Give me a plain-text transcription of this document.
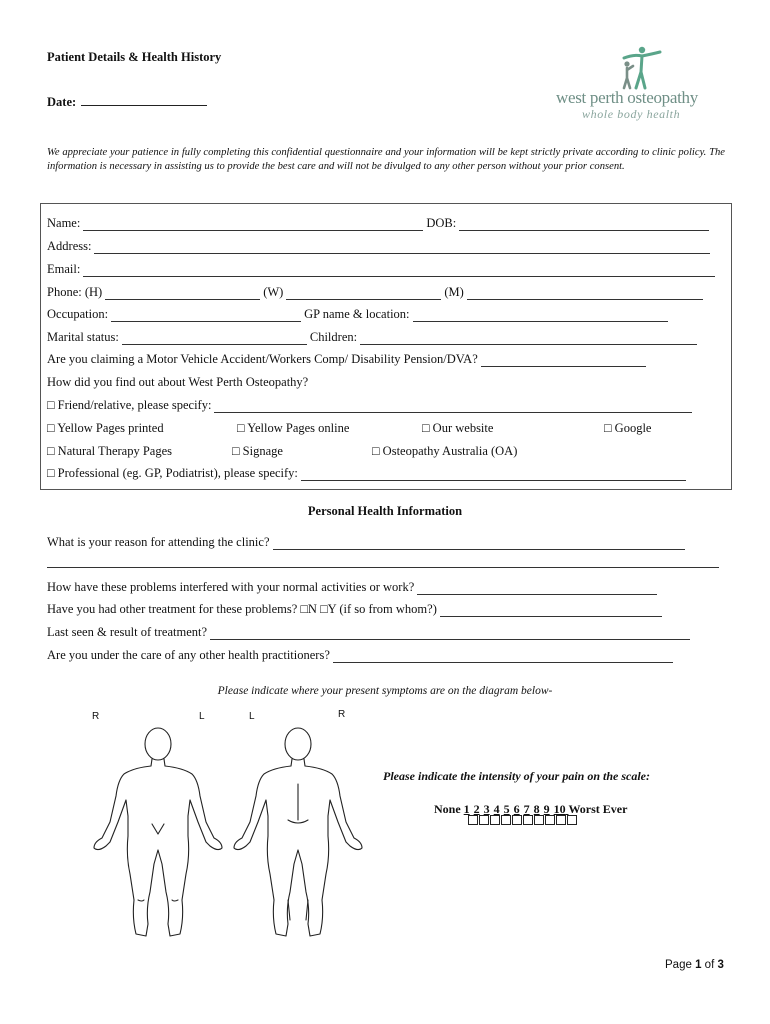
Patient Details & Health History
Date:	west perth osteopathy
whole body health
We appreciate your patience in fully completing this confidential questionnaire and your information will be kept strictly private according to clinic policy. The information is necessary in assisting us to provide the best care and will not be divulged to any other person without your prior consent.
Name:	DOB:
Address:
Email:
Phone: (H)	(W)	(M)
Occupation:	GP name & location:
Marital status:	Children:
Are you claiming a Motor Vehicle Accident/Workers Comp/ Disability Pension/DVA?
How did you find out about West Perth Osteopathy?
□ Friend/relative, please specify:
□ Yellow Pages printed	□ Yellow Pages online	□ Our website	□ Google
□ Natural Therapy Pages	□ Signage	□ Osteopathy Australia (OA)
□ Professional (eg. GP, Podiatrist), please specify:
Personal Health Information
What is your reason for attending the clinic?
How have these problems interfered with your normal activities or work?
Have you had other treatment for these problems? □N □Y (if so from whom?)
Last seen & result of treatment?
Are you under the care of any other health practitioners?
Please indicate where your present symptoms are on the diagram below-
R	L	L	R
Please indicate the intensity of your pain on the scale:
None 1 2 3 4 5 6 7 8 9 10 Worst Ever
Page 1 of 3
